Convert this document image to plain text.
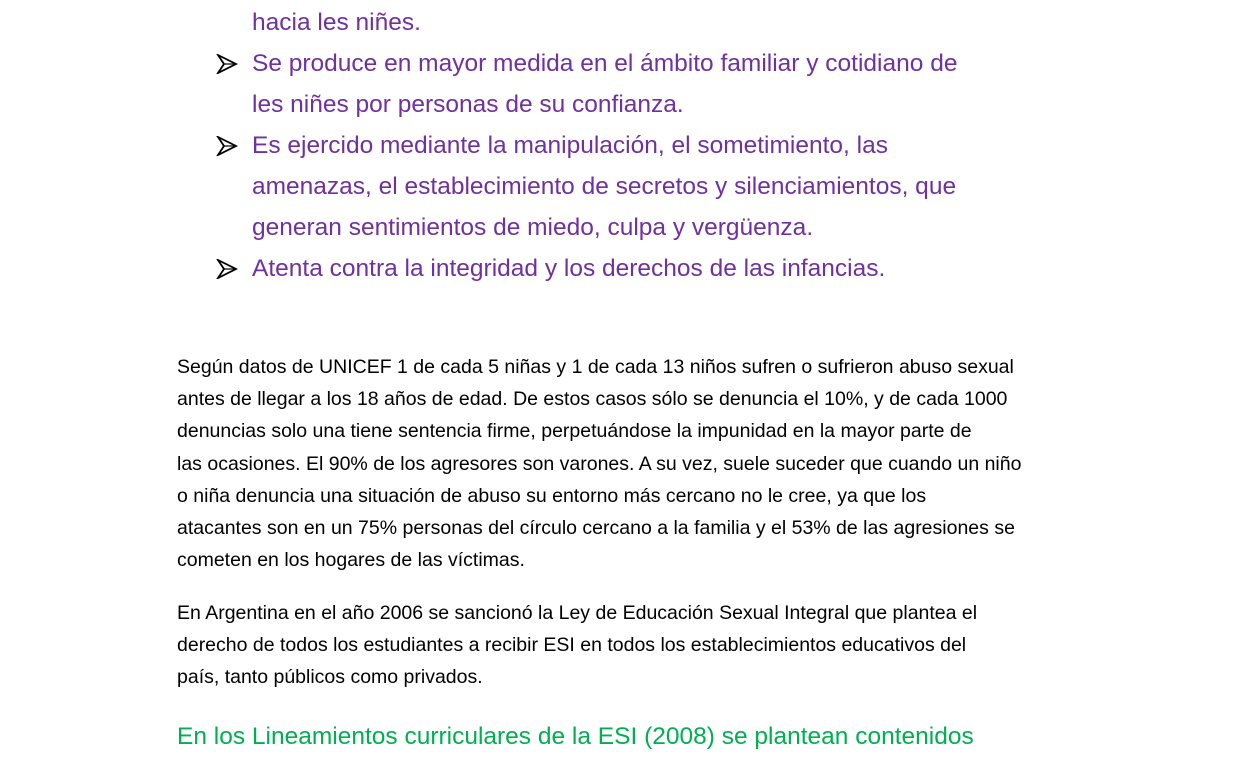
hacia les niñes.
Se produce en mayor medida en el ámbito familiar y cotidiano de
les niñes por personas de su confianza.
Es ejercido mediante la manipulación, el sometimiento, las
amenazas, el establecimiento de secretos y silenciamientos, que
generan sentimientos de miedo, culpa y vergüenza.
Atenta contra la integridad y los derechos de las infancias.
Según datos de UNICEF 1 de cada 5 niñas y 1 de cada 13 niños sufren o sufrieron abuso sexual
antes de llegar a los 18 años de edad. De estos casos sólo se denuncia el 10%, y de cada 1000
denuncias solo una tiene sentencia firme, perpetuándose la impunidad en la mayor parte de
las ocasiones. El 90% de los agresores son varones. A su vez, suele suceder que cuando un niño
o niña denuncia una situación de abuso su entorno más cercano no le cree, ya que los
atacantes son en un 75% personas del círculo cercano a la familia y el 53% de las agresiones se
cometen en los hogares de las víctimas.
En Argentina en el año 2006 se sancionó la Ley de Educación Sexual Integral que plantea el
derecho de todos los estudiantes a recibir ESI en todos los establecimientos educativos del
país, tanto públicos como privados.
En los Lineamientos curriculares de la ESI (2008) se plantean contenidos
